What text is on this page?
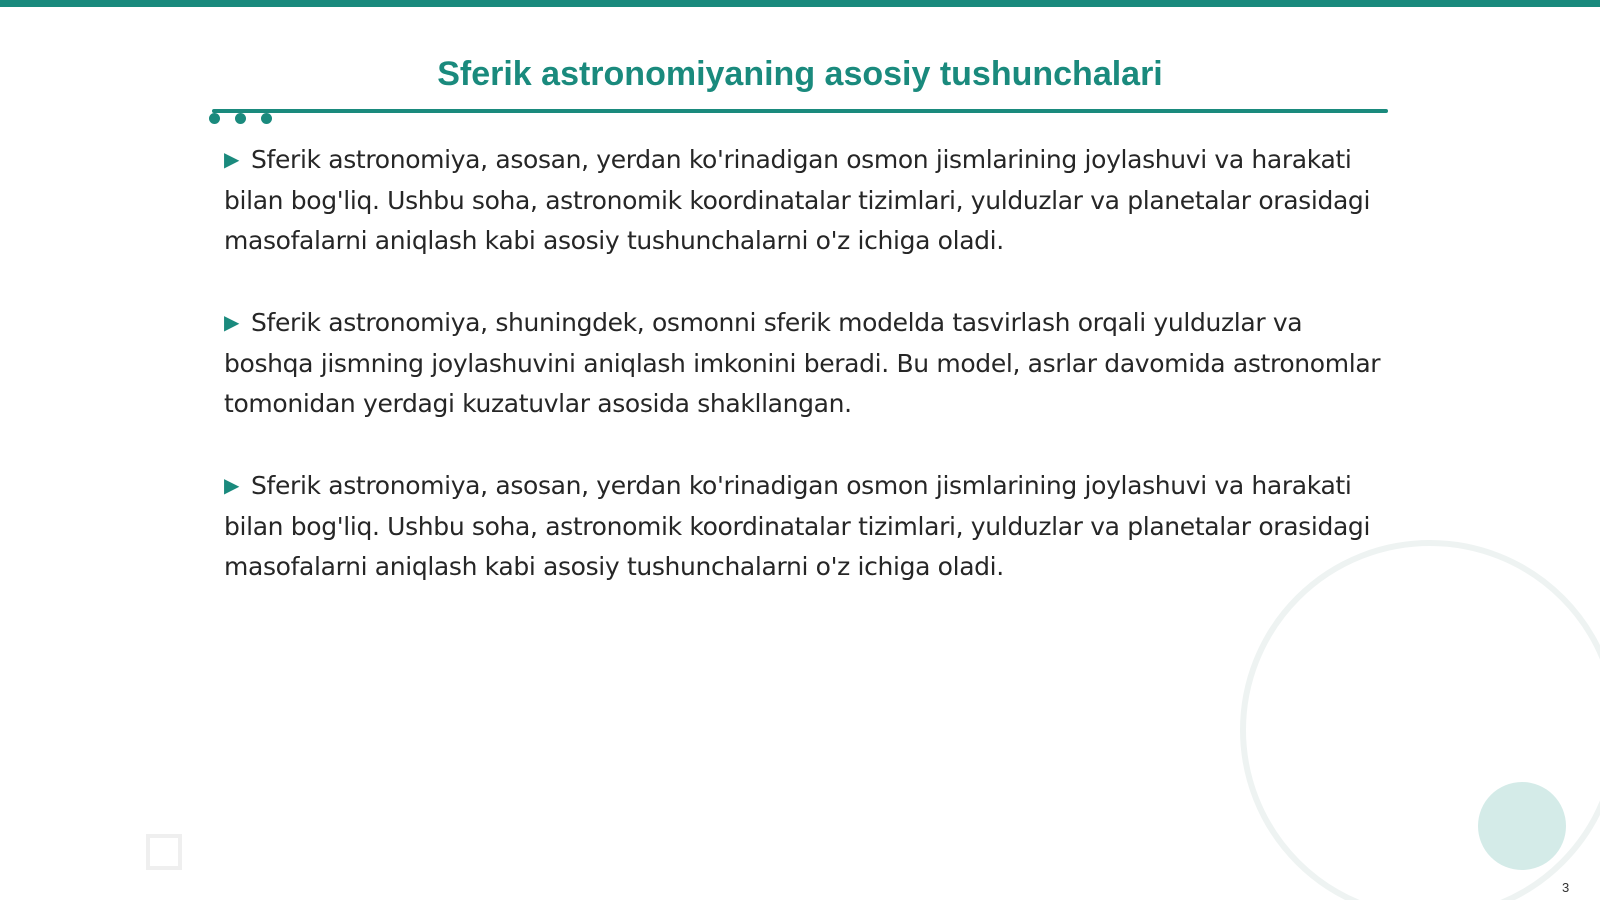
Sferik astronomiyaning asosiy tushunchalari

▶ Sferik astronomiya, asosan, yerdan ko'rinadigan osmon jismlarining joylashuvi va harakati bilan bog'liq. Ushbu soha, astronomik koordinatalar tizimlari, yulduzlar va planetalar orasidagi masofalarni aniqlash kabi asosiy tushunchalarni o'z ichiga oladi.

▶ Sferik astronomiya, shuningdek, osmonni sferik modelda tasvirlash orqali yulduzlar va boshqa jismning joylashuvini aniqlash imkonini beradi. Bu model, asrlar davomida astronomlar tomonidan yerdagi kuzatuvlar asosida shakllangan.

▶ Sferik astronomiya, asosan, yerdan ko'rinadigan osmon jismlarining joylashuvi va harakati bilan bog'liq. Ushbu soha, astronomik koordinatalar tizimlari, yulduzlar va planetalar orasidagi masofalarni aniqlash kabi asosiy tushunchalarni o'z ichiga oladi.

3
